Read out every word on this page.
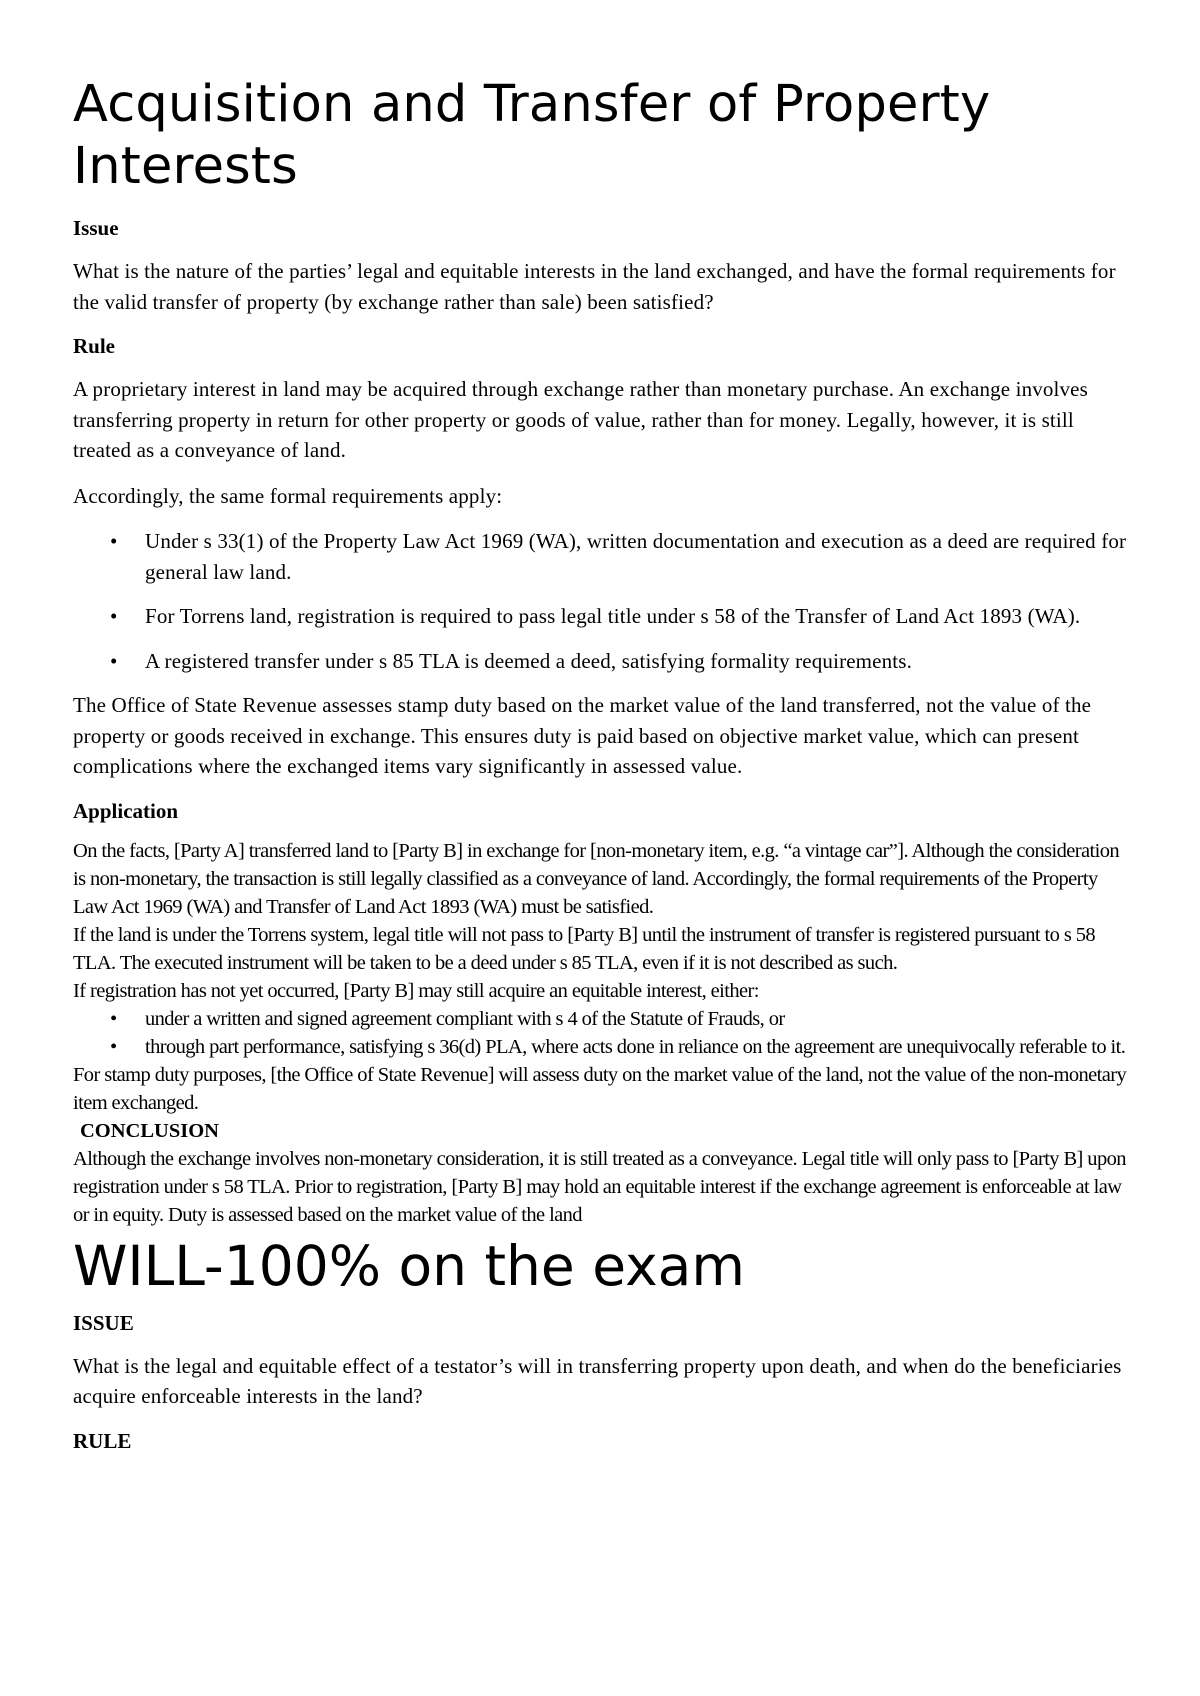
Acquisition and Transfer of Property Interests
Issue

What is the nature of the parties’ legal and equitable interests in the land exchanged, and have the formal requirements for the valid transfer of property (by exchange rather than sale) been satisfied?

Rule

A proprietary interest in land may be acquired through exchange rather than monetary purchase. An exchange involves transferring property in return for other property or goods of value, rather than for money. Legally, however, it is still treated as a conveyance of land.

Accordingly, the same formal requirements apply:

• Under s 33(1) of the Property Law Act 1969 (WA), written documentation and execution as a deed are required for general law land.
• For Torrens land, registration is required to pass legal title under s 58 of the Transfer of Land Act 1893 (WA).
• A registered transfer under s 85 TLA is deemed a deed, satisfying formality requirements.

The Office of State Revenue assesses stamp duty based on the market value of the land transferred, not the value of the property or goods received in exchange. This ensures duty is paid based on objective market value, which can present complications where the exchanged items vary significantly in assessed value.

Application

On the facts, [Party A] transferred land to [Party B] in exchange for [non-monetary item, e.g. “a vintage car”]. Although the consideration is non-monetary, the transaction is still legally classified as a conveyance of land. Accordingly, the formal requirements of the Property Law Act 1969 (WA) and Transfer of Land Act 1893 (WA) must be satisfied.

If the land is under the Torrens system, legal title will not pass to [Party B] until the instrument of transfer is registered pursuant to s 58 TLA. The executed instrument will be taken to be a deed under s 85 TLA, even if it is not described as such.

If registration has not yet occurred, [Party B] may still acquire an equitable interest, either:

• under a written and signed agreement compliant with s 4 of the Statute of Frauds, or
• through part performance, satisfying s 36(d) PLA, where acts done in reliance on the agreement are unequivocally referable to it.

For stamp duty purposes, [the Office of State Revenue] will assess duty on the market value of the land, not the value of the non-monetary item exchanged.

CONCLUSION

Although the exchange involves non-monetary consideration, it is still treated as a conveyance. Legal title will only pass to [Party B] upon registration under s 58 TLA. Prior to registration, [Party B] may hold an equitable interest if the exchange agreement is enforceable at law or in equity. Duty is assessed based on the market value of the land

WILL-100% on the exam
ISSUE

What is the legal and equitable effect of a testator’s will in transferring property upon death, and when do the beneficiaries acquire enforceable interests in the land?

RULE
